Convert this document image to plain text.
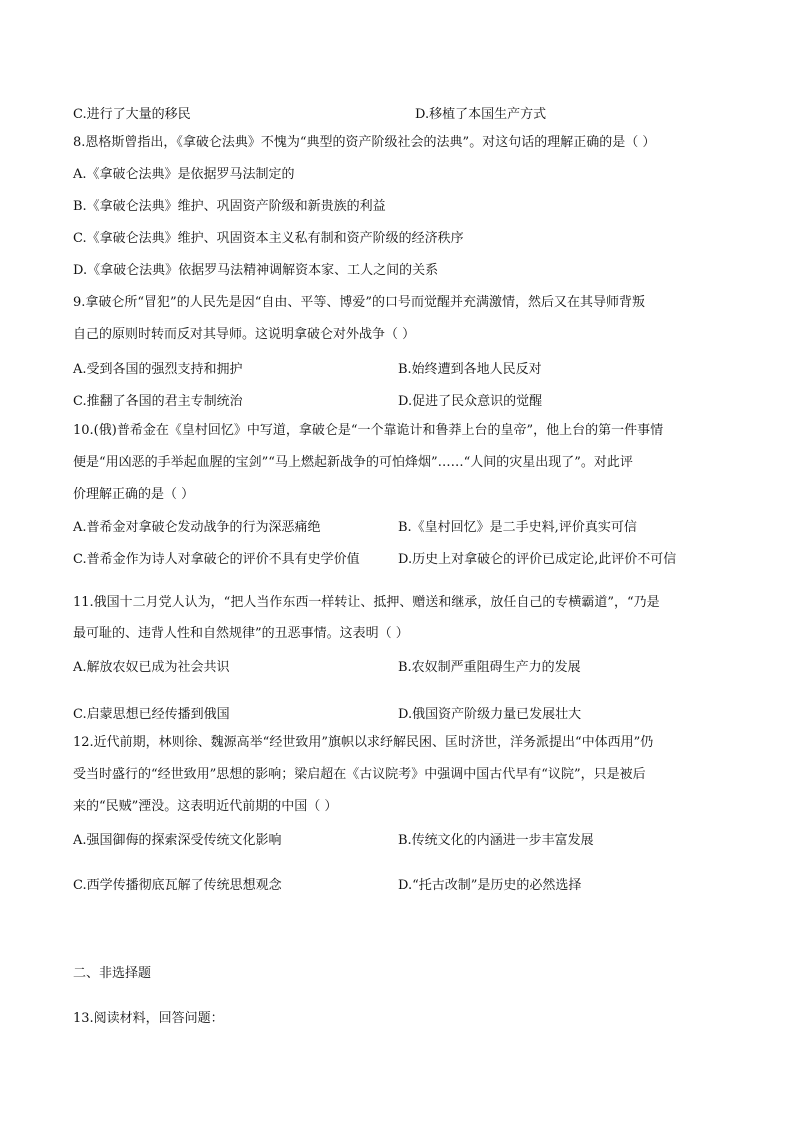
C.进行了大量的移民	D.移植了本国生产方式
8.恩格斯曾指出，《拿破仑法典》不愧为“典型的资产阶级社会的法典”。对这句话的理解正确的是（ ）
A.《拿破仑法典》是依据罗马法制定的
B.《拿破仑法典》维护、巩固资产阶级和新贵族的利益
C.《拿破仑法典》维护、巩固资本主义私有制和资产阶级的经济秩序
D.《拿破仑法典》依据罗马法精神调解资本家、工人之间的关系
9.拿破仑所“冒犯”的人民先是因“自由、平等、博爱”的口号而觉醒并充满激情，然后又在其导师背叛
自己的原则时转而反对其导师。这说明拿破仑对外战争（ ）
A.受到各国的强烈支持和拥护	B.始终遭到各地人民反对
C.推翻了各国的君主专制统治	D.促进了民众意识的觉醒
10.(俄)普希金在《皇村回忆》中写道，拿破仑是“一个靠诡计和鲁莽上台的皇帝”，他上台的第一件事情
便是“用凶恶的手举起血腥的宝剑”“马上燃起新战争的可怕烽烟”……“人间的灾星出现了”。对此评
价理解正确的是（ ）
A.普希金对拿破仑发动战争的行为深恶痛绝	B.《皇村回忆》是二手史料,评价真实可信
C.普希金作为诗人对拿破仑的评价不具有史学价值	D.历史上对拿破仑的评价已成定论,此评价不可信
11.俄国十二月党人认为，“把人当作东西一样转让、抵押、赠送和继承，放任自己的专横霸道”，“乃是
最可耻的、违背人性和自然规律”的丑恶事情。这表明（ ）
A.解放农奴已成为社会共识	B.农奴制严重阻碍生产力的发展
C.启蒙思想已经传播到俄国	D.俄国资产阶级力量已发展壮大
12.近代前期，林则徐、魏源高举“经世致用”旗帜以求纾解民困、匡时济世，洋务派提出“中体西用”仍
受当时盛行的“经世致用”思想的影响；梁启超在《古议院考》中强调中国古代早有“议院”，只是被后
来的“民贼”湮没。这表明近代前期的中国（ ）
A.强国御侮的探索深受传统文化影响	B.传统文化的内涵进一步丰富发展
C.西学传播彻底瓦解了传统思想观念	D.“托古改制”是历史的必然选择
二、非选择题
13.阅读材料，回答问题：
